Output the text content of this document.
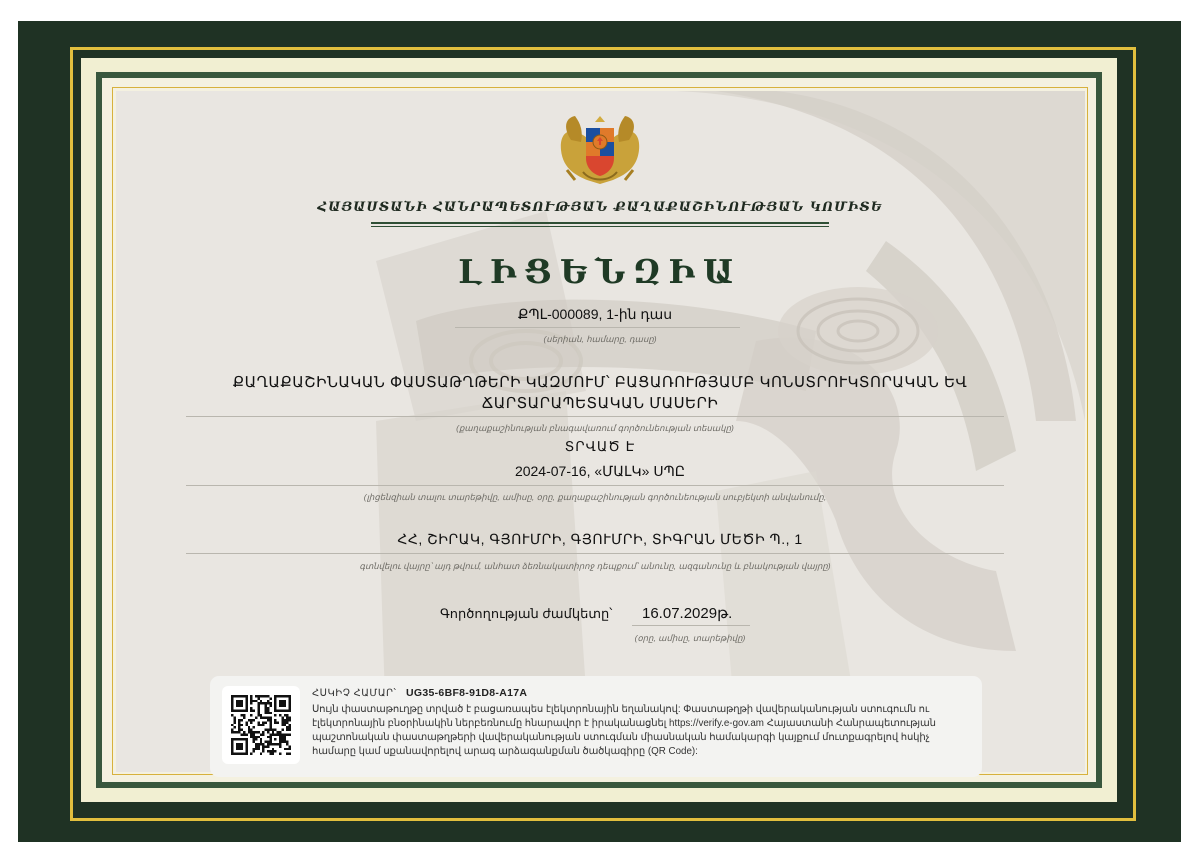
ՀԱՅԱՍՏԱՆԻ ՀԱՆՐԱՊԵՏՈՒԹՅԱՆ ՔԱՂԱՔԱՇԻՆՈՒԹՅԱՆ ԿՈՄԻՏԵ
ԼԻՑԵՆԶԻԱ
ՔՊԼ-000089, 1-ին դաս
(սերիան, համարը, դասը)
ՔԱՂԱՔԱՇԻՆԱԿԱՆ ՓԱՍՏԱԹՂԹԵՐԻ ԿԱԶՄՈՒՄ՝ ԲԱՑԱՌՈՒԹՅԱՄԲ ԿՈՆՍՏՐՈՒԿՏՈՐԱԿԱՆ ԵՎ ՃԱՐՏԱՐԱՊԵՏԱԿԱՆ ՄԱՍԵՐԻ
(քաղաքաշինության բնագավառում գործունեության տեսակը)
ՏՐՎԱԾ Է
2024-07-16, «ՄԱԼԿ» ՍՊԸ
(լիցենզիան տալու տարեթիվը, ամիսը, օրը, քաղաքաշինության գործունեության սուբյեկտի անվանումը,
ՀՀ, ՇԻՐԱԿ, ԳՅՈՒՄՐԻ, ԳՅՈՒՄՐԻ, ՏԻԳՐԱՆ ՄԵԾԻ Պ., 1
գտնվելու վայրը՝ այդ թվում, անհատ ձեռնակատիրոջ դեպքում՝ անունը, ազգանունը և բնակության վայրը)
Գործողության ժամկետը՝ 16.07.2029թ.
(օրը, ամիսը, տարեթիվը)
ՀՍԿԻՉ ՀԱՄԱՐ՝ UG35-6BF8-91D8-A17A
Սույն փաստաթուղթը տրված է բացառապես էլեկտրոնային եղանակով: Փաստաթղթի վավերականության ստուգումն ու էլեկտրոնային բնօրինակին ներբեռնումը հնարավոր է իրականացնել https://verify.e-gov.am Հայաստանի Հանրապետության պաշտոնական փաստաթղթերի վավերականության ստուգման միասնական համակարգի կայքում մուտքագրելով հսկիչ համարը կամ սքանավորելով արագ արձագանքման ծածկագիրը (QR Code):
